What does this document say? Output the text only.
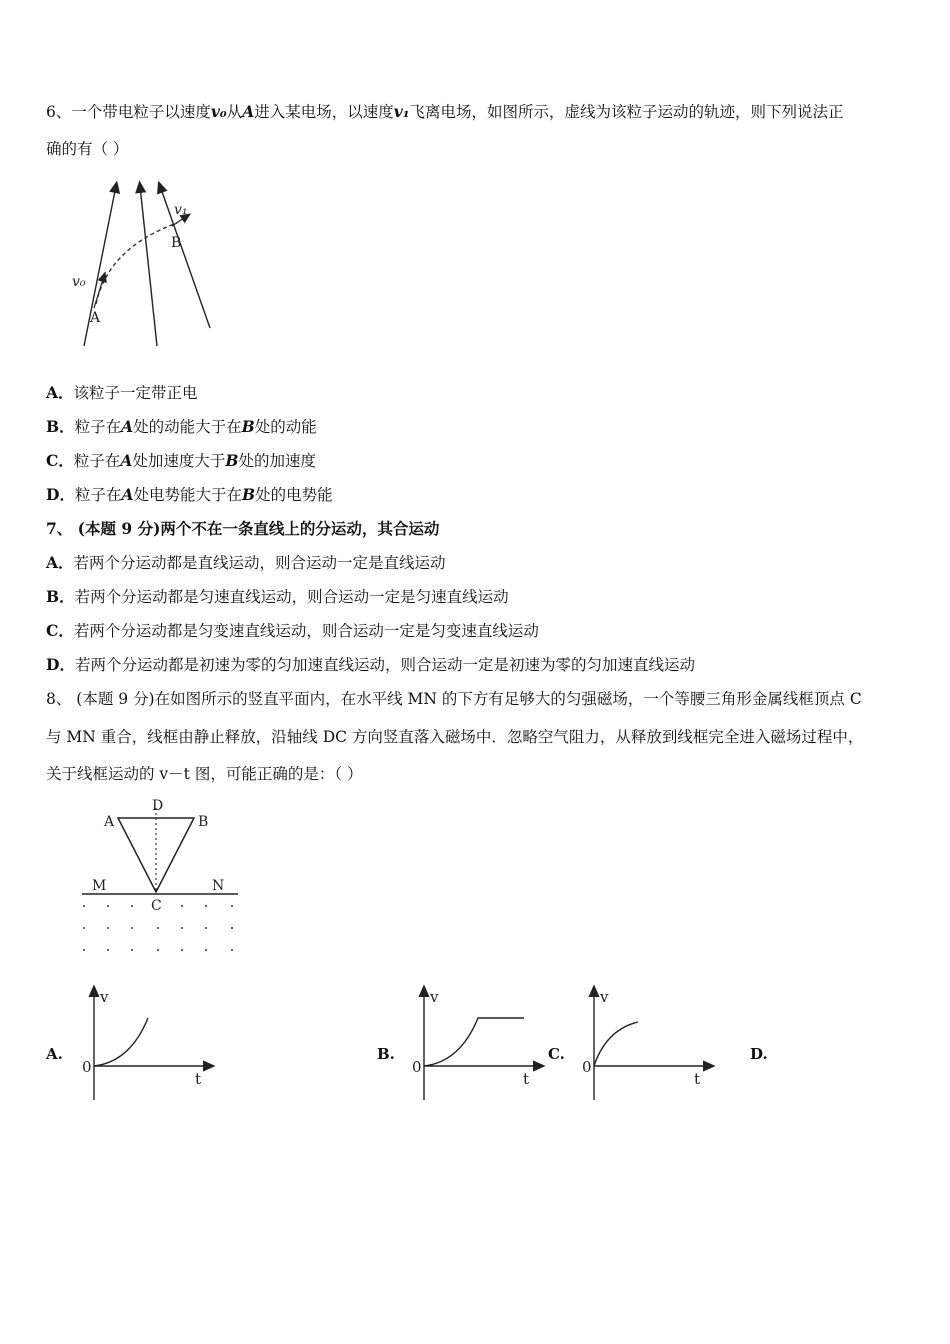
6、一个带电粒子以速度v₀从A进入某电场，以速度v₁飞离电场，如图所示，虚线为该粒子运动的轨迹，则下列说法正
确的有（ ）
v₀
v₁
A
B
A．该粒子一定带正电
B．粒子在A处的动能大于在B处的动能
C．粒子在A处加速度大于B处的加速度
D．粒子在A处电势能大于在B处的电势能
7、 (本题 9 分)两个不在一条直线上的分运动，其合运动
A．若两个分运动都是直线运动，则合运动一定是直线运动
B．若两个分运动都是匀速直线运动，则合运动一定是匀速直线运动
C．若两个分运动都是匀变速直线运动，则合运动一定是匀变速直线运动
D．若两个分运动都是初速为零的匀加速直线运动，则合运动一定是初速为零的匀加速直线运动
8、 (本题 9 分)在如图所示的竖直平面内，在水平线 MN 的下方有足够大的匀强磁场，一个等腰三角形金属线框顶点 C
与 MN 重合，线框由静止释放，沿轴线 DC 方向竖直落入磁场中．忽略空气阻力，从释放到线框完全进入磁场过程中，
关于线框运动的 v－t 图，可能正确的是：（ ）
D
A	B
M	N
C
A.
v
t
0
B.
v
t
0
C.
v
t
0
D.
